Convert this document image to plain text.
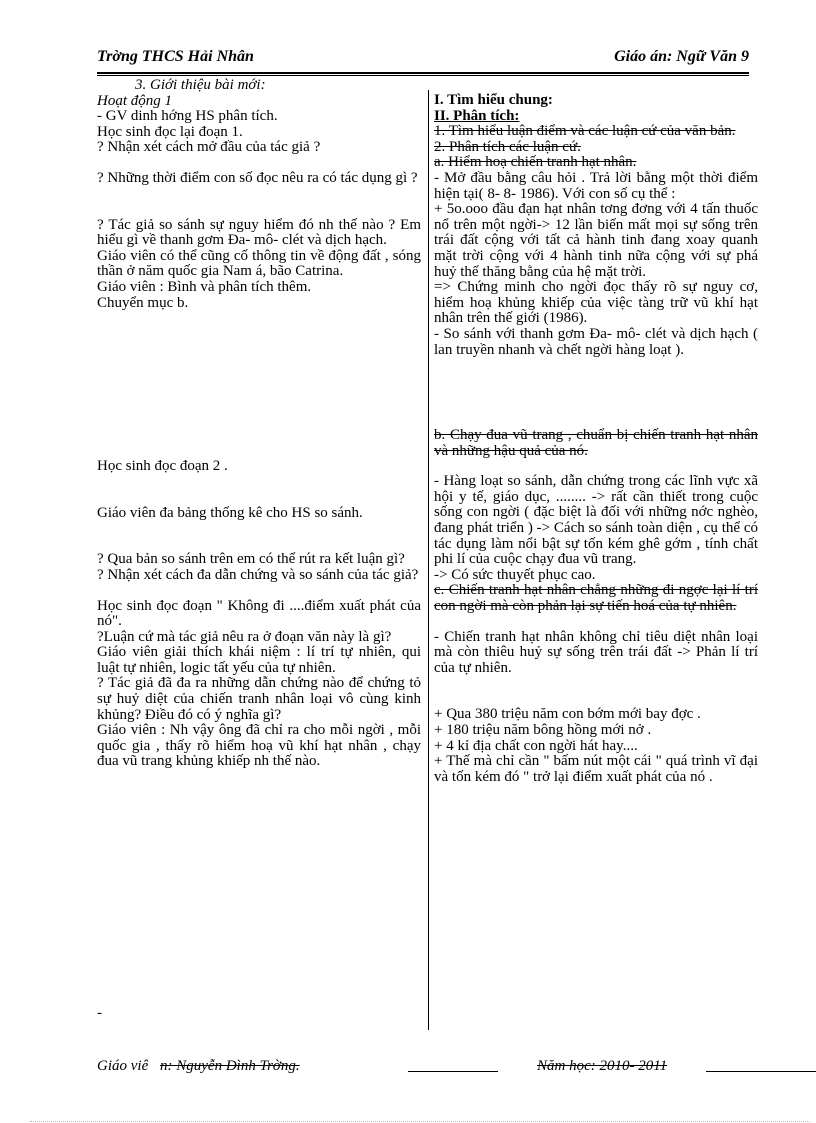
Trờng THCS Hải Nhân	Giáo án: Ngữ Văn 9

3. Giới thiệu bài mới:

Hoạt động 1

- GV dinh hớng HS phân tích.

Học sinh đọc lại đoạn 1.

? Nhận xét cách mở đầu của tác giả ?

? Những thời điểm con số đọc nêu ra có tác dụng gì ?

? Tác giả so sánh sự nguy hiểm đó nh thế nào ? Em hiểu gì về thanh gơm Đa- mô- clét và dịch hạch.

Giáo viên có thể cũng cố thông tin về động đất , sóng thần ở năm quốc gia Nam á, bão Catrina.

Giáo viên : Bình và phân tích thêm.

Chuyển mục b.

Học sinh đọc đoạn 2 .

Giáo viên đa bảng thống kê cho HS so sánh.

? Qua bản so sánh trên em có thể rút ra kết luận gì?

? Nhận xét cách đa dẫn chứng và so sánh của tác giả?

Học sinh đọc đoạn " Không đi ....điểm xuất phát của nó".

?Luận cứ mà tác giả nêu ra ở đoạn văn này là gì?

Giáo viên giải thích khái niệm : lí trí tự nhiên, qui luật tự nhiên, logic tất yếu của tự nhiên.

? Tác giả đã đa ra những dẫn chứng nào để chứng tỏ sự huỷ diệt của chiến tranh nhân loại vô cùng kinh khủng? Điều đó có ý nghĩa gì?

Giáo viên : Nh vậy ông đã chỉ ra cho mỗi ngời , mỗi quốc gia , thấy rõ hiểm hoạ vũ khí hạt nhân , chạy đua vũ trang khủng khiếp nh thế nào.

I. Tìm hiểu chung:

II. Phân tích:

1. Tìm hiểu luận điểm và các luận cứ của văn bản.

2. Phân tích các luận cứ.

a. Hiểm hoạ chiến tranh hạt nhân.

- Mở đầu bằng câu hỏi . Trả lời bằng một thời điểm hiện tại( 8- 8- 1986). Với con số cụ thể :

+ 5o.ooo đầu đạn hạt nhân tơng đơng với 4 tấn thuốc nổ trên một ngời-> 12 lần biến mất mọi sự sống trên trái đất cộng với tất cả hành tinh đang xoay quanh mặt trời cộng với 4 hành tinh nữa cộng với sự phá huỷ thế thăng bằng của hệ mặt trời.

=> Chứng minh cho ngời đọc thấy rõ sự nguy cơ, hiểm hoạ khủng khiếp của việc tàng trữ vũ khí hạt nhân trên thế giới (1986).

- So sánh với thanh gơm Đa- mô- clét và dịch hạch ( lan truyền nhanh và chết ngời hàng loạt ).

b. Chạy đua vũ trang , chuẩn bị chiến tranh hạt nhân và những hậu quả của nó.

- Hàng loạt so sánh, dẫn chứng trong các lĩnh vực xã hội y tế, giáo dục, ........ -> rất cần thiết trong cuộc sống con ngời ( đặc biệt là đối với những nớc nghèo, đang phát triển ) -> Cách so sánh toàn diện , cụ thể có tác dụng làm nổi bật sự tốn kém ghê gớm , tính chất phi lí của cuộc chạy đua vũ trang.

-> Có sức thuyết phục cao.

c. Chiến tranh hạt nhân chẳng những đi ngợc lại lí trí con ngời mà còn phản lại sự tiến hoá của tự nhiên.

- Chiến tranh hạt nhân không chỉ tiêu diệt nhân loại mà còn thiêu huỷ sự sống trên trái đất -> Phản lí trí của tự nhiên.

+ Qua 380 triệu năm con bớm mới bay đợc .

+ 180 triệu năm bông hồng mới nở .

+ 4 kỉ địa chất con ngời hát hay....

+ Thế mà chỉ cần " bấm nút một cái " quá trình vĩ đại và tốn kém đó " trở lại điểm xuất phát của nó .

-
Giáo viê n: Nguyễn Đình Trờng.	Năm học: 2010- 2011
